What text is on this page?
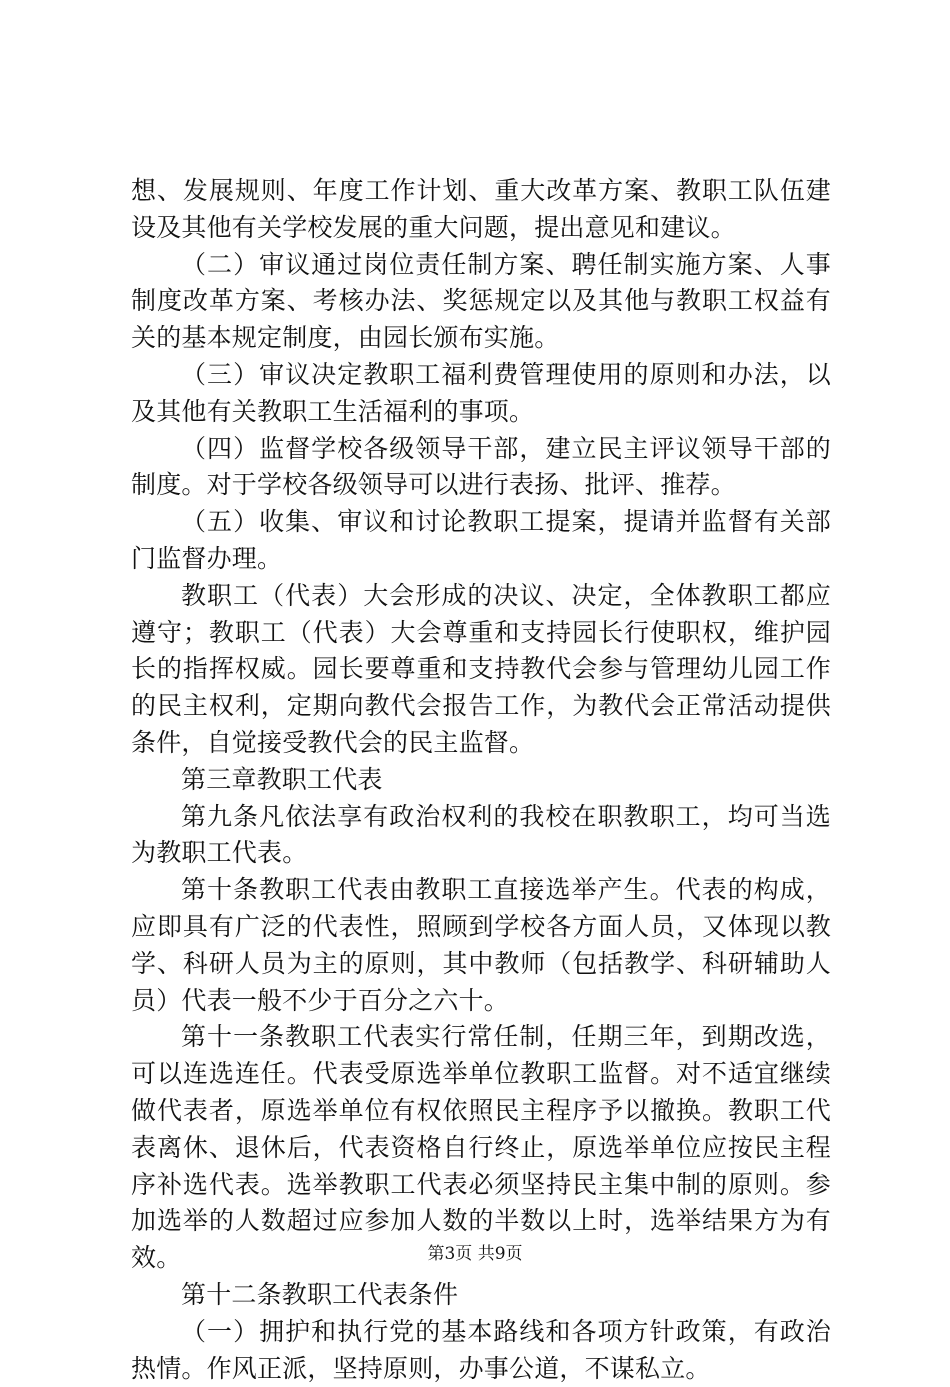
想、发展规则、年度工作计划、重大改革方案、教职工队伍建
设及其他有关学校发展的重大问题，提出意见和建议。
（二）审议通过岗位责任制方案、聘任制实施方案、人事
制度改革方案、考核办法、奖惩规定以及其他与教职工权益有
关的基本规定制度，由园长颁布实施。
（三）审议决定教职工福利费管理使用的原则和办法，以
及其他有关教职工生活福利的事项。
（四）监督学校各级领导干部，建立民主评议领导干部的
制度。对于学校各级领导可以进行表扬、批评、推荐。
（五）收集、审议和讨论教职工提案，提请并监督有关部
门监督办理。
教职工（代表）大会形成的决议、决定，全体教职工都应
遵守；教职工（代表）大会尊重和支持园长行使职权，维护园
长的指挥权威。园长要尊重和支持教代会参与管理幼儿园工作
的民主权利，定期向教代会报告工作，为教代会正常活动提供
条件，自觉接受教代会的民主监督。
第三章教职工代表
第九条凡依法享有政治权利的我校在职教职工，均可当选
为教职工代表。
第十条教职工代表由教职工直接选举产生。代表的构成，
应即具有广泛的代表性，照顾到学校各方面人员，又体现以教
学、科研人员为主的原则，其中教师（包括教学、科研辅助人
员）代表一般不少于百分之六十。
第十一条教职工代表实行常任制，任期三年，到期改选，
可以连选连任。代表受原选举单位教职工监督。对不适宜继续
做代表者，原选举单位有权依照民主程序予以撤换。教职工代
表离休、退休后，代表资格自行终止，原选举单位应按民主程
序补选代表。选举教职工代表必须坚持民主集中制的原则。参
加选举的人数超过应参加人数的半数以上时，选举结果方为有
效。
第十二条教职工代表条件
（一）拥护和执行党的基本路线和各项方针政策，有政治
热情。作风正派，坚持原则，办事公道，不谋私立。
第3页 共9页
